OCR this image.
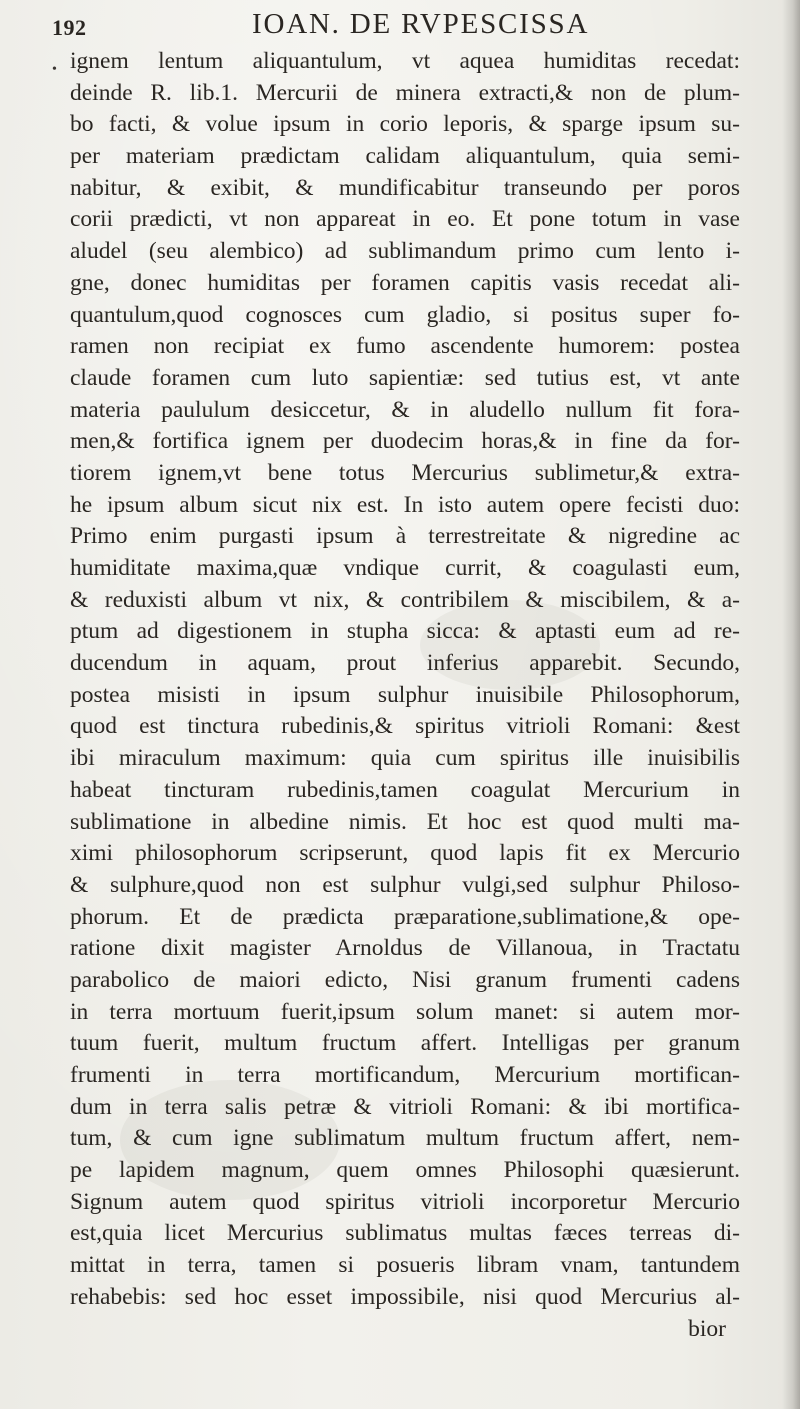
192	IOAN. DE RVPESCISSA
• ignem lentum aliquantulum, vt aquea humiditas recedat:
deinde R. lib.1. Mercurii de minera extracti,& non de plum-
bo facti, & volue ipsum in corio leporis, & sparge ipsum su-
per materiam prædictam calidam aliquantulum, quia semi-
nabitur, & exibit, & mundificabitur transeundo per poros
corii prædicti, vt non appareat in eo. Et pone totum in vase
aludel (seu alembico) ad sublimandum primo cum lento i-
gne, donec humiditas per foramen capitis vasis recedat ali-
quantulum,quod cognosces cum gladio, si positus super fo-
ramen non recipiat ex fumo ascendente humorem: postea
claude foramen cum luto sapientiæ: sed tutius est, vt ante
materia paululum desiccetur, & in aludello nullum fit fora-
men,& fortifica ignem per duodecim horas,& in fine da for-
tiorem ignem,vt bene totus Mercurius sublimetur,& extra-
he ipsum album sicut nix est. In isto autem opere fecisti duo:
Primo enim purgasti ipsum à terrestreitate & nigredine ac
humiditate maxima,quæ vndique currit, & coagulasti eum,
& reduxisti album vt nix, & contribilem & miscibilem, & a-
ptum ad digestionem in stupha sicca: & aptasti eum ad re-
ducendum in aquam, prout inferius apparebit. Secundo,
postea misisti in ipsum sulphur inuisibile Philosophorum,
quod est tinctura rubedinis,& spiritus vitrioli Romani: &est
ibi miraculum maximum: quia cum spiritus ille inuisibilis
habeat tincturam rubedinis,tamen coagulat Mercurium in
sublimatione in albedine nimis. Et hoc est quod multi ma-
ximi philosophorum scripserunt, quod lapis fit ex Mercurio
& sulphure,quod non est sulphur vulgi,sed sulphur Philoso-
phorum. Et de prædicta præparatione,sublimatione,& ope-
ratione dixit magister Arnoldus de Villanoua, in Tractatu
parabolico de maiori edicto, Nisi granum frumenti cadens
in terra mortuum fuerit,ipsum solum manet: si autem mor-
tuum fuerit, multum fructum affert. Intelligas per granum
frumenti in terra mortificandum, Mercurium mortifican-
dum in terra salis petræ & vitrioli Romani: & ibi mortifica-
tum, & cum igne sublimatum multum fructum affert, nem-
pe lapidem magnum, quem omnes Philosophi quæsierunt.
Signum autem quod spiritus vitrioli incorporetur Mercurio
est,quia licet Mercurius sublimatus multas fæces terreas di-
mittat in terra, tamen si posueris libram vnam, tantundem
rehabebis: sed hoc esset impossibile, nisi quod Mercurius al-
bior
